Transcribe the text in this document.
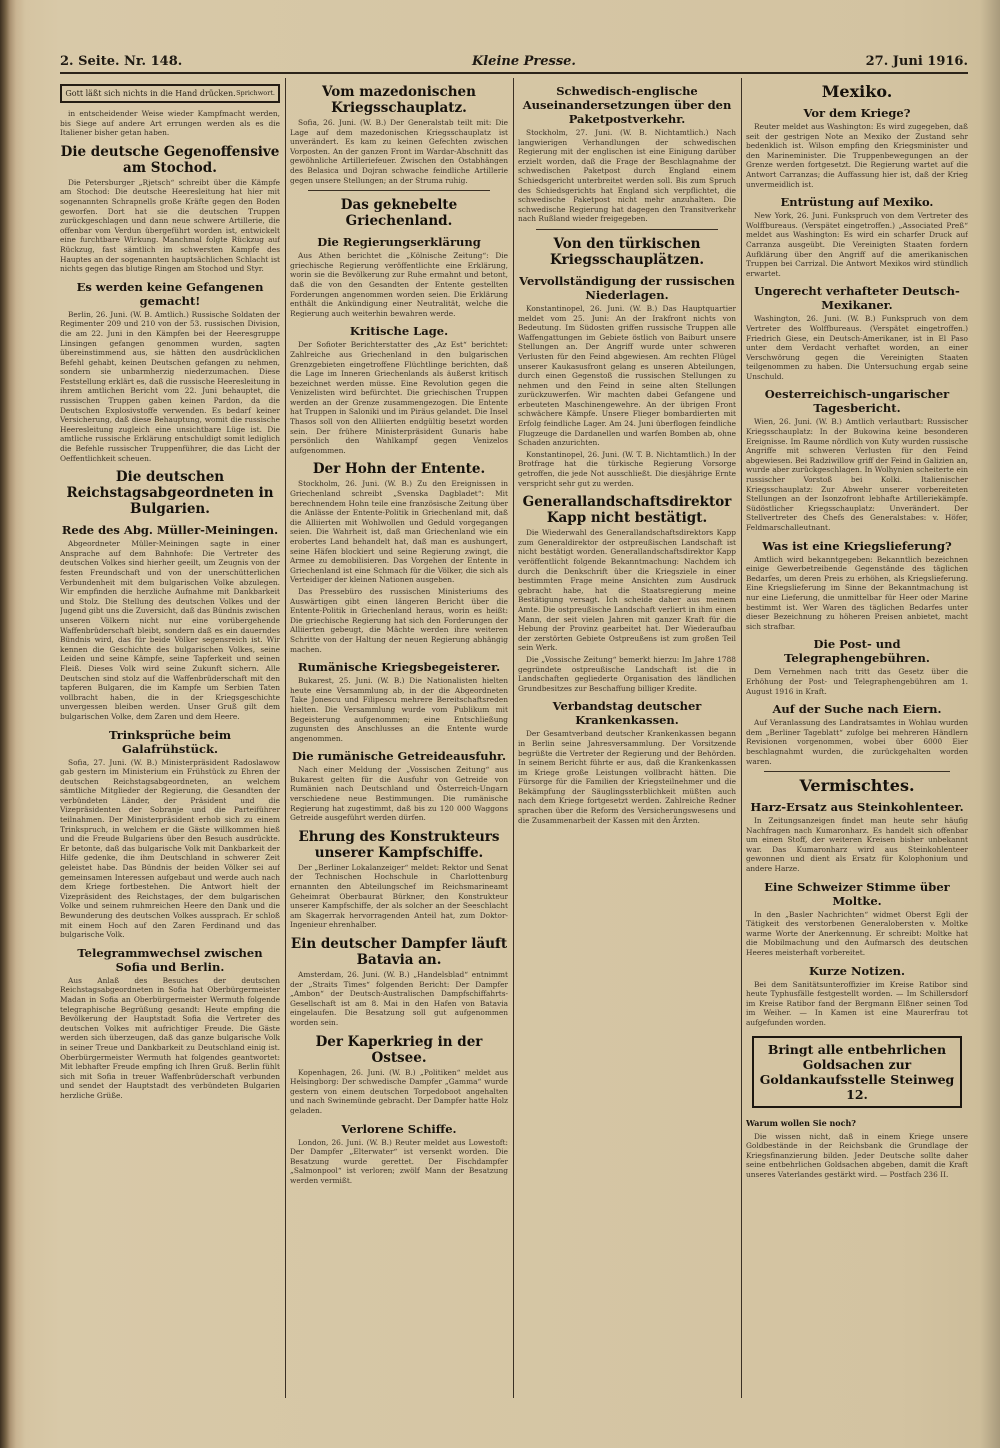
2. Seite. Nr. 148.	Kleine Presse.	27. Juni 1916.
Gott läßt sich nichts in die Hand drücken. Sprichwort.

in entscheidender Weise wieder Kampfmacht werden, bis Siege auf andere Art errungen werden als es die Italiener bisher getan haben.

Die deutsche Gegenoffensive am Stochod.

Die Petersburger „Rjetsch“ schreibt über die Kämpfe am Stochod: Die deutsche Heeresleitung hat hier mit sogenannten Schrapnells große Kräfte gegen den Boden geworfen. Dort hat sie die deutschen Truppen zurückgeschlagen und dann neue schwere Artillerie, die offenbar vom Verdun übergeführt worden ist, entwickelt eine furchtbare Wirkung. Manchmal folgte Rückzug auf Rückzug, fast sämtlich im schwersten Kampfe des Hauptes an der sogenannten hauptsächlichen Schlacht ist nichts gegen das blutige Ringen am Stochod und Styr.

Es werden keine Gefangenen gemacht!

Berlin, 26. Juni. (W. B. Amtlich.) Russische Soldaten der Regimenter 209 und 210 von der 53. russischen Division, die am 22. Juni in den Kämpfen bei der Heeresgruppe Linsingen gefangen genommen wurden, sagten übereinstimmend aus, sie hätten den ausdrücklichen Befehl gehabt, keinen Deutschen gefangen zu nehmen, sondern sie unbarmherzig niederzumachen. Diese Feststellung erklärt es, daß die russische Heeresleitung in ihrem amtlichen Bericht vom 22. Juni behauptet, die russischen Truppen gaben keinen Pardon, da die Deutschen Explosivstoffe verwenden. Es bedarf keiner Versicherung, daß diese Behauptung, womit die russische Heeresleitung zugleich eine unsichtbare Lüge ist. Die amtliche russische Erklärung entschuldigt somit lediglich die Befehle russischer Truppenführer, die das Licht der Oeffentlichkeit scheuen.

Die deutschen Reichstagsabgeordneten in Bulgarien.
Rede des Abg. Müller-Meiningen.

Abgeordneter Müller-Meiningen sagte in einer Ansprache auf dem Bahnhofe: Die Vertreter des deutschen Volkes sind hierher geeilt, um Zeugnis von der festen Freundschaft und von der unerschütterlichen Verbundenheit mit dem bulgarischen Volke abzulegen. Wir empfinden die herzliche Aufnahme mit Dankbarkeit und Stolz. Die Stellung des deutschen Volkes und der Jugend gibt uns die Zuversicht, daß das Bündnis zwischen unseren Völkern nicht nur eine vorübergehende Waffenbrüderschaft bleibt, sondern daß es ein dauerndes Bündnis wird, das für beide Völker segensreich ist. Wir kennen die Geschichte des bulgarischen Volkes, seine Leiden und seine Kämpfe, seine Tapferkeit und seinen Fleiß. Dieses Volk wird seine Zukunft sichern. Alle Deutschen sind stolz auf die Waffenbrüderschaft mit den tapferen Bulgaren, die im Kampfe um Serbien Taten vollbracht haben, die in der Kriegsgeschichte unvergessen bleiben werden. Unser Gruß gilt dem bulgarischen Volke, dem Zaren und dem Heere.

Trinksprüche beim Galafrühstück.

Sofia, 27. Juni. (W. B.) Ministerpräsident Radoslawow gab gestern im Ministerium ein Frühstück zu Ehren der deutschen Reichstagsabgeordneten, an welchem sämtliche Mitglieder der Regierung, die Gesandten der verbündeten Länder, der Präsident und die Vizepräsidenten der Sobranje und die Parteiführer teilnahmen. Der Ministerpräsident erhob sich zu einem Trinkspruch, in welchem er die Gäste willkommen hieß und die Freude Bulgariens über den Besuch ausdrückte. Er betonte, daß das bulgarische Volk mit Dankbarkeit der Hilfe gedenke, die ihm Deutschland in schwerer Zeit geleistet habe. Das Bündnis der beiden Völker sei auf gemeinsamen Interessen aufgebaut und werde auch nach dem Kriege fortbestehen. Die Antwort hielt der Vizepräsident des Reichstages, der dem bulgarischen Volke und seinem ruhmreichen Heere den Dank und die Bewunderung des deutschen Volkes aussprach. Er schloß mit einem Hoch auf den Zaren Ferdinand und das bulgarische Volk.

Telegrammwechsel zwischen Sofia und Berlin.

Aus Anlaß des Besuches der deutschen Reichstagsabgeordneten in Sofia hat Oberbürgermeister Madan in Sofia an Oberbürgermeister Wermuth folgende telegraphische Begrüßung gesandt: Heute empfing die Bevölkerung der Hauptstadt Sofia die Vertreter des deutschen Volkes mit aufrichtiger Freude. Die Gäste werden sich überzeugen, daß das ganze bulgarische Volk in seiner Treue und Dankbarkeit zu Deutschland einig ist. Oberbürgermeister Wermuth hat folgendes geantwortet: Mit lebhafter Freude empfing ich Ihren Gruß. Berlin fühlt sich mit Sofia in treuer Waffenbrüderschaft verbunden und sendet der Hauptstadt des verbündeten Bulgarien herzliche Grüße.

Vom mazedonischen Kriegsschauplatz.

Sofia, 26. Juni. (W. B.) Der Generalstab teilt mit: Die Lage auf dem mazedonischen Kriegsschauplatz ist unverändert. Es kam zu keinen Gefechten zwischen Vorposten. An der ganzen Front im Wardar-Abschnitt das gewöhnliche Artilleriefeuer. Zwischen den Ostabhängen des Belasica und Dojran schwache feindliche Artillerie gegen unsere Stellungen; an der Struma ruhig.

Das geknebelte Griechenland.
Die Regierungserklärung

Aus Athen berichtet die „Kölnische Zeitung“: Die griechische Regierung veröffentlichte eine Erklärung, worin sie die Bevölkerung zur Ruhe ermahnt und betont, daß die von den Gesandten der Entente gestellten Forderungen angenommen worden seien. Die Erklärung enthält die Ankündigung einer Neutralität, welche die Regierung auch weiterhin bewahren werde.

Kritische Lage.

Der Sofioter Berichterstatter des „Az Est“ berichtet: Zahlreiche aus Griechenland in den bulgarischen Grenzgebieten eingetroffene Flüchtlinge berichten, daß die Lage im Inneren Griechenlands als äußerst kritisch bezeichnet werden müsse. Eine Revolution gegen die Venizelisten wird befürchtet. Die griechischen Truppen werden an der Grenze zusammengezogen. Die Entente hat Truppen in Saloniki und im Piräus gelandet. Die Insel Thasos soll von den Alliierten endgültig besetzt worden sein. Der frühere Ministerpräsident Gunaris habe persönlich den Wahlkampf gegen Venizelos aufgenommen.

Der Hohn der Entente.

Stockholm, 26. Juni. (W. B.) Zu den Ereignissen in Griechenland schreibt „Svenska Dagbladet“: Mit berechnendem Hohn teile eine französische Zeitung über die Anlässe der Entente-Politik in Griechenland mit, daß die Alliierten mit Wohlwollen und Geduld vorgegangen seien. Die Wahrheit ist, daß man Griechenland wie ein erobertes Land behandelt hat, daß man es aushungert, seine Häfen blockiert und seine Regierung zwingt, die Armee zu demobilisieren. Das Vorgehen der Entente in Griechenland ist eine Schmach für die Völker, die sich als Verteidiger der kleinen Nationen ausgeben.

Das Pressebüro des russischen Ministeriums des Auswärtigen gibt einen längeren Bericht über die Entente-Politik in Griechenland heraus, worin es heißt: Die griechische Regierung hat sich den Forderungen der Alliierten gebeugt, die Mächte werden ihre weiteren Schritte von der Haltung der neuen Regierung abhängig machen.

Rumänische Kriegsbegeisterer.

Bukarest, 25. Juni. (W. B.) Die Nationalisten hielten heute eine Versammlung ab, in der die Abgeordneten Take Jonescu und Filipescu mehrere Bereitschaftsreden hielten. Die Versammlung wurde vom Publikum mit Begeisterung aufgenommen; eine Entschließung zugunsten des Anschlusses an die Entente wurde angenommen.

Die rumänische Getreideausfuhr.

Nach einer Meldung der „Vossischen Zeitung“ aus Bukarest gelten für die Ausfuhr von Getreide von Rumänien nach Deutschland und Österreich-Ungarn verschiedene neue Bestimmungen. Die rumänische Regierung hat zugestimmt, daß bis zu 120 000 Waggons Getreide ausgeführt werden dürfen.

Ehrung des Konstrukteurs unserer Kampfschiffe.

Der „Berliner Lokalanzeiger“ meldet: Rektor und Senat der Technischen Hochschule in Charlottenburg ernannten den Abteilungschef im Reichsmarineamt Geheimrat Oberbaurat Bürkner, den Konstrukteur unserer Kampfschiffe, der als solcher an der Seeschlacht am Skagerrak hervorragenden Anteil hat, zum Doktor-Ingenieur ehrenhalber.

Ein deutscher Dampfer läuft Batavia an.

Amsterdam, 26. Juni. (W. B.) „Handelsblad“ entnimmt der „Straits Times“ folgenden Bericht: Der Dampfer „Ambon“ der Deutsch-Australischen Dampfschiffahrts-Gesellschaft ist am 8. Mai in den Hafen von Batavia eingelaufen. Die Besatzung soll gut aufgenommen worden sein.

Der Kaperkrieg in der Ostsee.

Kopenhagen, 26. Juni. (W. B.) „Politiken“ meldet aus Helsingborg: Der schwedische Dampfer „Gamma“ wurde gestern von einem deutschen Torpedoboot angehalten und nach Swinemünde gebracht. Der Dampfer hatte Holz geladen.

Verlorene Schiffe.

London, 26. Juni. (W. B.) Reuter meldet aus Lowestoft: Der Dampfer „Elterwater“ ist versenkt worden. Die Besatzung wurde gerettet. Der Fischdampfer „Salmonpool“ ist verloren; zwölf Mann der Besatzung werden vermißt.

Schwedisch-englische Auseinandersetzungen über den Paketpostverkehr.

Stockholm, 27. Juni. (W. B. Nichtamtlich.) Nach langwierigen Verhandlungen der schwedischen Regierung mit der englischen ist eine Einigung darüber erzielt worden, daß die Frage der Beschlagnahme der schwedischen Paketpost durch England einem Schiedsgericht unterbreitet werden soll. Bis zum Spruch des Schiedsgerichts hat England sich verpflichtet, die schwedische Paketpost nicht mehr anzuhalten. Die schwedische Regierung hat dagegen den Transitverkehr nach Rußland wieder freigegeben.

Von den türkischen Kriegsschauplätzen.
Vervollständigung der russischen Niederlagen.

Konstantinopel, 26. Juni. (W. B.) Das Hauptquartier meldet vom 25. Juni: An der Irakfront nichts von Bedeutung. Im Südosten griffen russische Truppen alle Waffengattungen im Gebiete östlich von Baiburt unsere Stellungen an. Der Angriff wurde unter schweren Verlusten für den Feind abgewiesen. Am rechten Flügel unserer Kaukasusfront gelang es unseren Abteilungen, durch einen Gegenstoß die russischen Stellungen zu nehmen und den Feind in seine alten Stellungen zurückzuwerfen. Wir machten dabei Gefangene und erbeuteten Maschinengewehre. An der übrigen Front schwächere Kämpfe. Unsere Flieger bombardierten mit Erfolg feindliche Lager. Am 24. Juni überflogen feindliche Flugzeuge die Dardanellen und warfen Bomben ab, ohne Schaden anzurichten.

Konstantinopel, 26. Juni. (W. T. B. Nichtamtlich.) In der Brotfrage hat die türkische Regierung Vorsorge getroffen, die jede Not ausschließt. Die diesjährige Ernte verspricht sehr gut zu werden.

Generallandschaftsdirektor Kapp nicht bestätigt.

Die Wiederwahl des Generallandschaftsdirektors Kapp zum Generaldirektor der ostpreußischen Landschaft ist nicht bestätigt worden. Generallandschaftsdirektor Kapp veröffentlicht folgende Bekanntmachung: Nachdem ich durch die Denkschrift über die Kriegsziele in einer bestimmten Frage meine Ansichten zum Ausdruck gebracht habe, hat die Staatsregierung meine Bestätigung versagt. Ich scheide daher aus meinem Amte. Die ostpreußische Landschaft verliert in ihm einen Mann, der seit vielen Jahren mit ganzer Kraft für die Hebung der Provinz gearbeitet hat. Der Wiederaufbau der zerstörten Gebiete Ostpreußens ist zum großen Teil sein Werk.

Die „Vossische Zeitung“ bemerkt hierzu: Im Jahre 1788 gegründete ostpreußische Landschaft ist die in Landschaften gegliederte Organisation des ländlichen Grundbesitzes zur Beschaffung billiger Kredite.

Verbandstag deutscher Krankenkassen.

Der Gesamtverband deutscher Krankenkassen begann in Berlin seine Jahresversammlung. Der Vorsitzende begrüßte die Vertreter der Regierung und der Behörden. In seinem Bericht führte er aus, daß die Krankenkassen im Kriege große Leistungen vollbracht hätten. Die Fürsorge für die Familien der Kriegsteilnehmer und die Bekämpfung der Säuglingssterblichkeit müßten auch nach dem Kriege fortgesetzt werden. Zahlreiche Redner sprachen über die Reform des Versicherungswesens und die Zusammenarbeit der Kassen mit den Ärzten.

Mexiko.
Vor dem Kriege?

Reuter meldet aus Washington: Es wird zugegeben, daß seit der gestrigen Note an Mexiko der Zustand sehr bedenklich ist. Wilson empfing den Kriegsminister und den Marineminister. Die Truppenbewegungen an der Grenze werden fortgesetzt. Die Regierung wartet auf die Antwort Carranzas; die Auffassung hier ist, daß der Krieg unvermeidlich ist.

Entrüstung auf Mexiko.

New York, 26. Juni. Funkspruch von dem Vertreter des Wolffbureaus. (Verspätet eingetroffen.) „Associated Preß“ meldet aus Washington: Es wird ein scharfer Druck auf Carranza ausgeübt. Die Vereinigten Staaten fordern Aufklärung über den Angriff auf die amerikanischen Truppen bei Carrizal. Die Antwort Mexikos wird stündlich erwartet.

Ungerecht verhafteter Deutsch-Mexikaner.

Washington, 26. Juni. (W. B.) Funkspruch von dem Vertreter des Wolffbureaus. (Verspätet eingetroffen.) Friedrich Giese, ein Deutsch-Amerikaner, ist in El Paso unter dem Verdacht verhaftet worden, an einer Verschwörung gegen die Vereinigten Staaten teilgenommen zu haben. Die Untersuchung ergab seine Unschuld.

Oesterreichisch-ungarischer Tagesbericht.

Wien, 26. Juni. (W. B.) Amtlich verlautbart: Russischer Kriegsschauplatz: In der Bukowina keine besonderen Ereignisse. Im Raume nördlich von Kuty wurden russische Angriffe mit schweren Verlusten für den Feind abgewiesen. Bei Radziwillow griff der Feind in Galizien an, wurde aber zurückgeschlagen. In Wolhynien scheiterte ein russischer Vorstoß bei Kolki. Italienischer Kriegsschauplatz: Zur Abwehr unserer vorbereiteten Stellungen an der Isonzofront lebhafte Artilleriekämpfe. Südöstlicher Kriegsschauplatz: Unverändert. Der Stellvertreter des Chefs des Generalstabes: v. Höfer, Feldmarschalleutnant.

Was ist eine Kriegslieferung?

Amtlich wird bekanntgegeben: Bekanntlich bezeichnen einige Gewerbetreibende Gegenstände des täglichen Bedarfes, um deren Preis zu erhöhen, als Kriegslieferung. Eine Kriegslieferung im Sinne der Bekanntmachung ist nur eine Lieferung, die unmittelbar für Heer oder Marine bestimmt ist. Wer Waren des täglichen Bedarfes unter dieser Bezeichnung zu höheren Preisen anbietet, macht sich strafbar.

Die Post- und Telegraphengebühren.

Dem Vernehmen nach tritt das Gesetz über die Erhöhung der Post- und Telegraphengebühren am 1. August 1916 in Kraft.

Auf der Suche nach Eiern.

Auf Veranlassung des Landratsamtes in Wohlau wurden dem „Berliner Tageblatt“ zufolge bei mehreren Händlern Revisionen vorgenommen, wobei über 6000 Eier beschlagnahmt wurden, die zurückgehalten worden waren.

Vermischtes.
Harz-Ersatz aus Steinkohlenteer.

In Zeitungsanzeigen findet man heute sehr häufig Nachfragen nach Kumaronharz. Es handelt sich offenbar um einen Stoff, der weiteren Kreisen bisher unbekannt war. Das Kumaronharz wird aus Steinkohlenteer gewonnen und dient als Ersatz für Kolophonium und andere Harze.

Eine Schweizer Stimme über Moltke.

In den „Basler Nachrichten“ widmet Oberst Egli der Tätigkeit des verstorbenen Generalobersten v. Moltke warme Worte der Anerkennung. Er schreibt: Moltke hat die Mobilmachung und den Aufmarsch des deutschen Heeres meisterhaft vorbereitet.

Kurze Notizen.

Bei dem Sanitätsunteroffizier im Kreise Ratibor sind heute Typhusfälle festgestellt worden. — Im Schillersdorf im Kreise Ratibor fand der Bergmann Elßner seinen Tod im Weiher. — In Kamen ist eine Maurerfrau tot aufgefunden worden.

Bringt alle entbehrlichen Goldsachen zur Goldankaufsstelle Steinweg 12.
Warum wollen Sie noch?

Die wissen nicht, daß in einem Kriege unsere Goldbestände in der Reichsbank die Grundlage der Kriegsfinanzierung bilden. Jeder Deutsche sollte daher seine entbehrlichen Goldsachen abgeben, damit die Kraft unseres Vaterlandes gestärkt wird. — Postfach 236 II.
